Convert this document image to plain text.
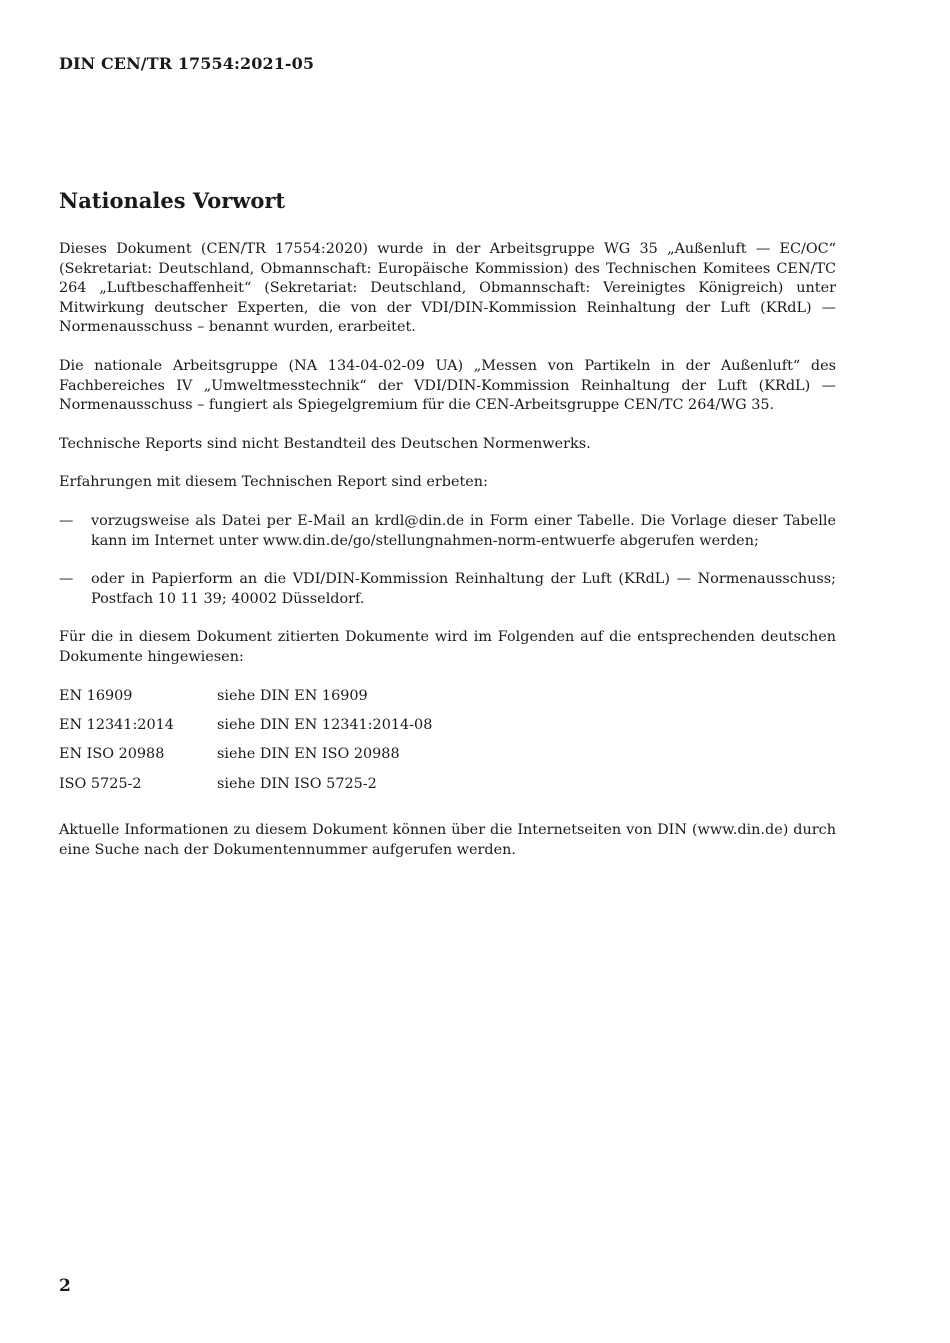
DIN CEN/TR 17554:2021-05
Nationales Vorwort

Dieses Dokument (CEN/TR 17554:2020) wurde in der Arbeitsgruppe WG 35 „Außenluft — EC/OC“ (Sekretariat: Deutschland, Obmannschaft: Europäische Kommission) des Technischen Komitees CEN/TC 264 „Luftbeschaffenheit“ (Sekretariat: Deutschland, Obmannschaft: Vereinigtes Königreich) unter Mitwirkung deutscher Experten, die von der VDI/DIN-Kommission Reinhaltung der Luft (KRdL) — Normenausschuss – benannt wurden, erarbeitet.

Die nationale Arbeitsgruppe (NA 134-04-02-09 UA) „Messen von Partikeln in der Außenluft“ des Fachbereiches IV „Umweltmesstechnik“ der VDI/DIN-Kommission Reinhaltung der Luft (KRdL) — Normenausschuss – fungiert als Spiegelgremium für die CEN-Arbeitsgruppe CEN/TC 264/WG 35.

Technische Reports sind nicht Bestandteil des Deutschen Normenwerks.

Erfahrungen mit diesem Technischen Report sind erbeten:

— vorzugsweise als Datei per E-Mail an krdl@din.de in Form einer Tabelle. Die Vorlage dieser Tabelle kann im Internet unter www.din.de/go/stellungnahmen-norm-entwuerfe abgerufen werden;
— oder in Papierform an die VDI/DIN-Kommission Reinhaltung der Luft (KRdL) — Normenausschuss; Postfach 10 11 39; 40002 Düsseldorf.

Für die in diesem Dokument zitierten Dokumente wird im Folgenden auf die entsprechenden deutschen Dokumente hingewiesen:

EN 16909	siehe DIN EN 16909
EN 12341:2014	siehe DIN EN 12341:2014-08
EN ISO 20988	siehe DIN EN ISO 20988
ISO 5725-2	siehe DIN ISO 5725-2

Aktuelle Informationen zu diesem Dokument können über die Internetseiten von DIN (www.din.de) durch eine Suche nach der Dokumentennummer aufgerufen werden.

2
